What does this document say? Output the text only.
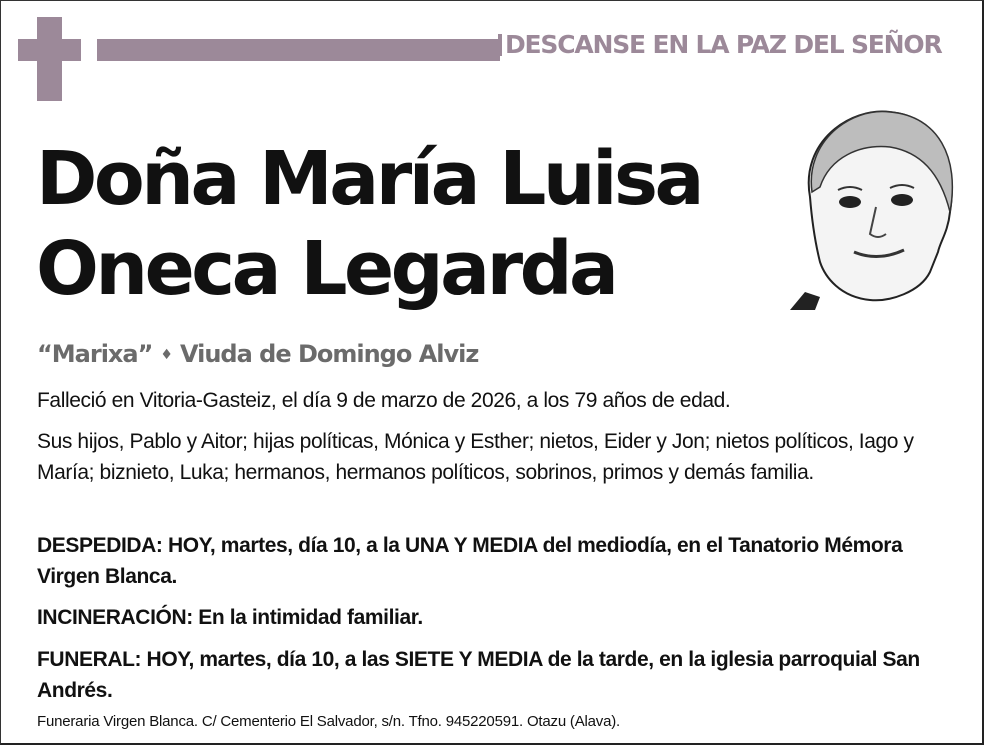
DESCANSE EN LA PAZ DEL SEÑOR
Doña María Luisa
Oneca Legarda
“Marixa” ♦ Viuda de Domingo Alviz
Falleció en Vitoria-Gasteiz, el día 9 de marzo de 2026, a los 79 años de edad.
Sus hijos, Pablo y Aitor; hijas políticas, Mónica y Esther; nietos, Eider y Jon; nietos políticos, Iago y María; biznieto, Luka; hermanos, hermanos políticos, sobrinos, primos y demás familia.
DESPEDIDA: HOY, martes, día 10, a la UNA Y MEDIA del mediodía, en el Tanatorio Mémora Virgen Blanca.
INCINERACIÓN: En la intimidad familiar.
FUNERAL: HOY, martes, día 10, a las SIETE Y MEDIA de la tarde, en la iglesia parroquial San Andrés.
Funeraria Virgen Blanca. C/ Cementerio El Salvador, s/n. Tfno. 945220591. Otazu (Alava).
